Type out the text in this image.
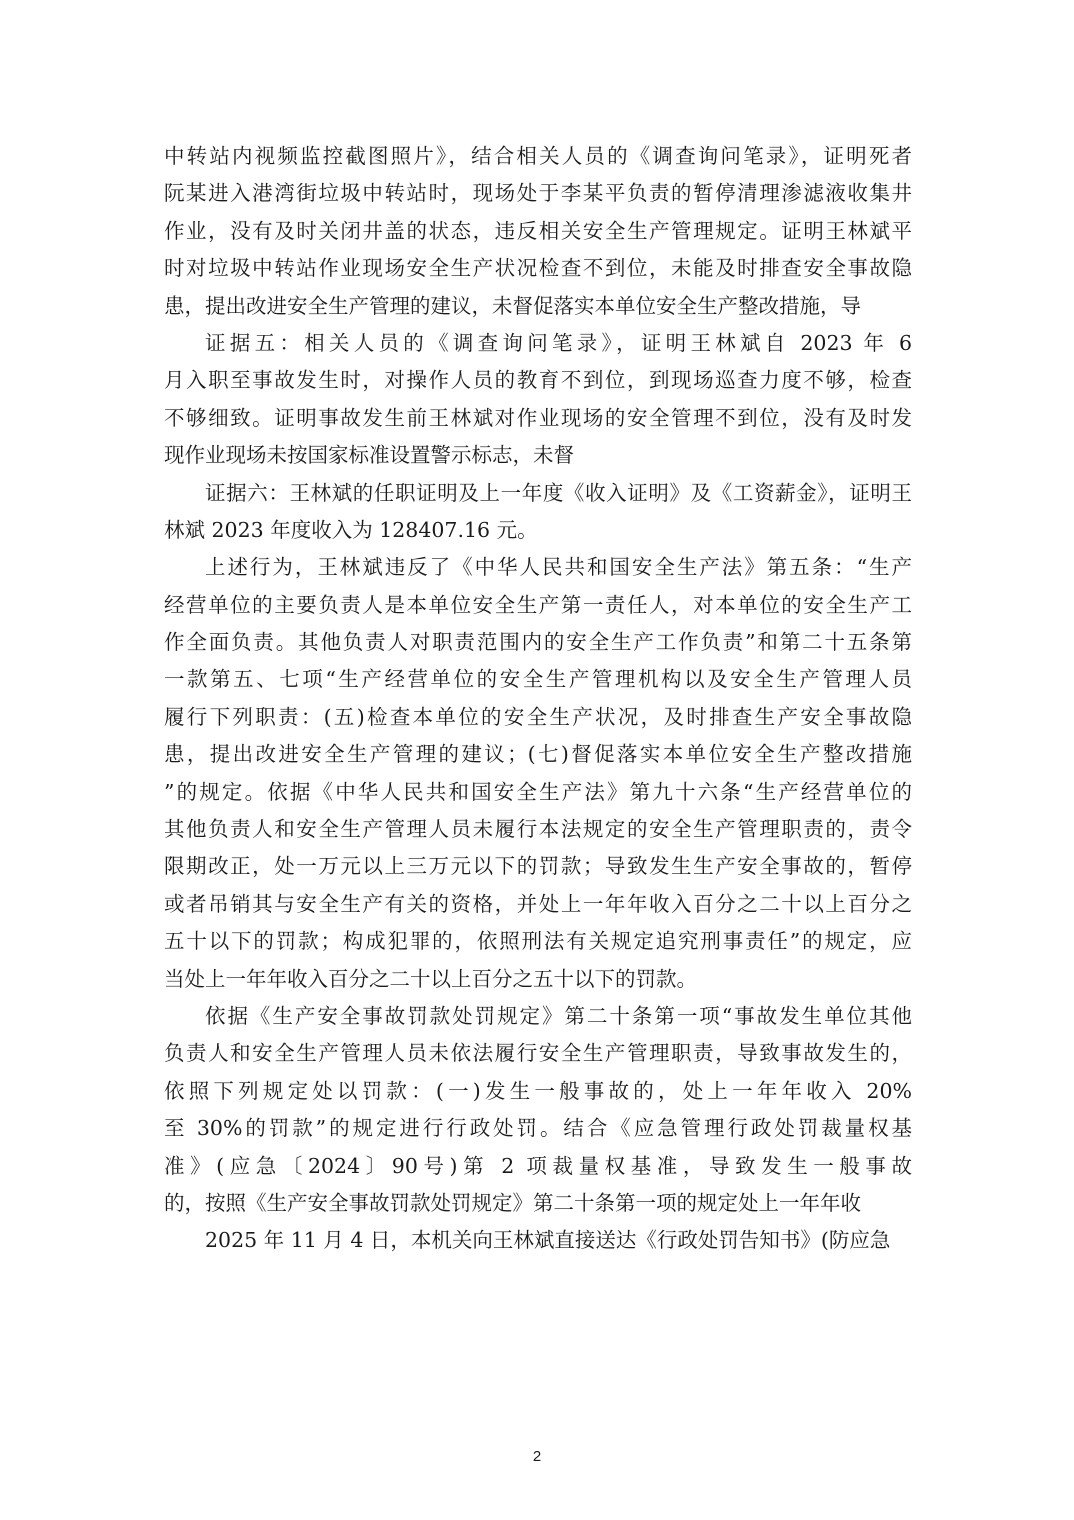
中转站内视频监控截图照片》，结合相关人员的《调查询问笔录》，证明死者
阮某进入港湾街垃圾中转站时，现场处于李某平负责的暂停清理渗滤液收集井
作业，没有及时关闭井盖的状态，违反相关安全生产管理规定。证明王林斌平
时对垃圾中转站作业现场安全生产状况检查不到位，未能及时排查安全事故隐
患，提出改进安全生产管理的建议，未督促落实本单位安全生产整改措施，导
证据五：相关人员的《调查询问笔录》，证明王林斌自 2023 年 6
月入职至事故发生时，对操作人员的教育不到位，到现场巡查力度不够，检查
不够细致。证明事故发生前王林斌对作业现场的安全管理不到位，没有及时发
现作业现场未按国家标准设置警示标志，未督
证据六：王林斌的任职证明及上一年度《收入证明》及《工资薪金》，证明王
林斌 2023 年度收入为 128407.16 元。
上述行为，王林斌违反了《中华人民共和国安全生产法》第五条：“生产
经营单位的主要负责人是本单位安全生产第一责任人，对本单位的安全生产工
作全面负责。其他负责人对职责范围内的安全生产工作负责”和第二十五条第
一款第五、七项“生产经营单位的安全生产管理机构以及安全生产管理人员
履行下列职责：(五)检查本单位的安全生产状况，及时排查生产安全事故隐
患，提出改进安全生产管理的建议；(七)督促落实本单位安全生产整改措施
”的规定。依据《中华人民共和国安全生产法》第九十六条“生产经营单位的
其他负责人和安全生产管理人员未履行本法规定的安全生产管理职责的，责令
限期改正，处一万元以上三万元以下的罚款；导致发生生产安全事故的，暂停
或者吊销其与安全生产有关的资格，并处上一年年收入百分之二十以上百分之
五十以下的罚款；构成犯罪的，依照刑法有关规定追究刑事责任”的规定，应
当处上一年年收入百分之二十以上百分之五十以下的罚款。
依据《生产安全事故罚款处罚规定》第二十条第一项“事故发生单位其他
负责人和安全生产管理人员未依法履行安全生产管理职责，导致事故发生的，
依照下列规定处以罚款：(一)发生一般事故的，处上一年年收入 20%
至 30%的罚款”的规定进行行政处罚。结合《应急管理行政处罚裁量权基
准》(应急〔2024〕90号)第 2 项裁量权基准，导致发生一般事故
的，按照《生产安全事故罚款处罚规定》第二十条第一项的规定处上一年年收
2025 年 11 月 4 日，本机关向王林斌直接送达《行政处罚告知书》(防应急
2
